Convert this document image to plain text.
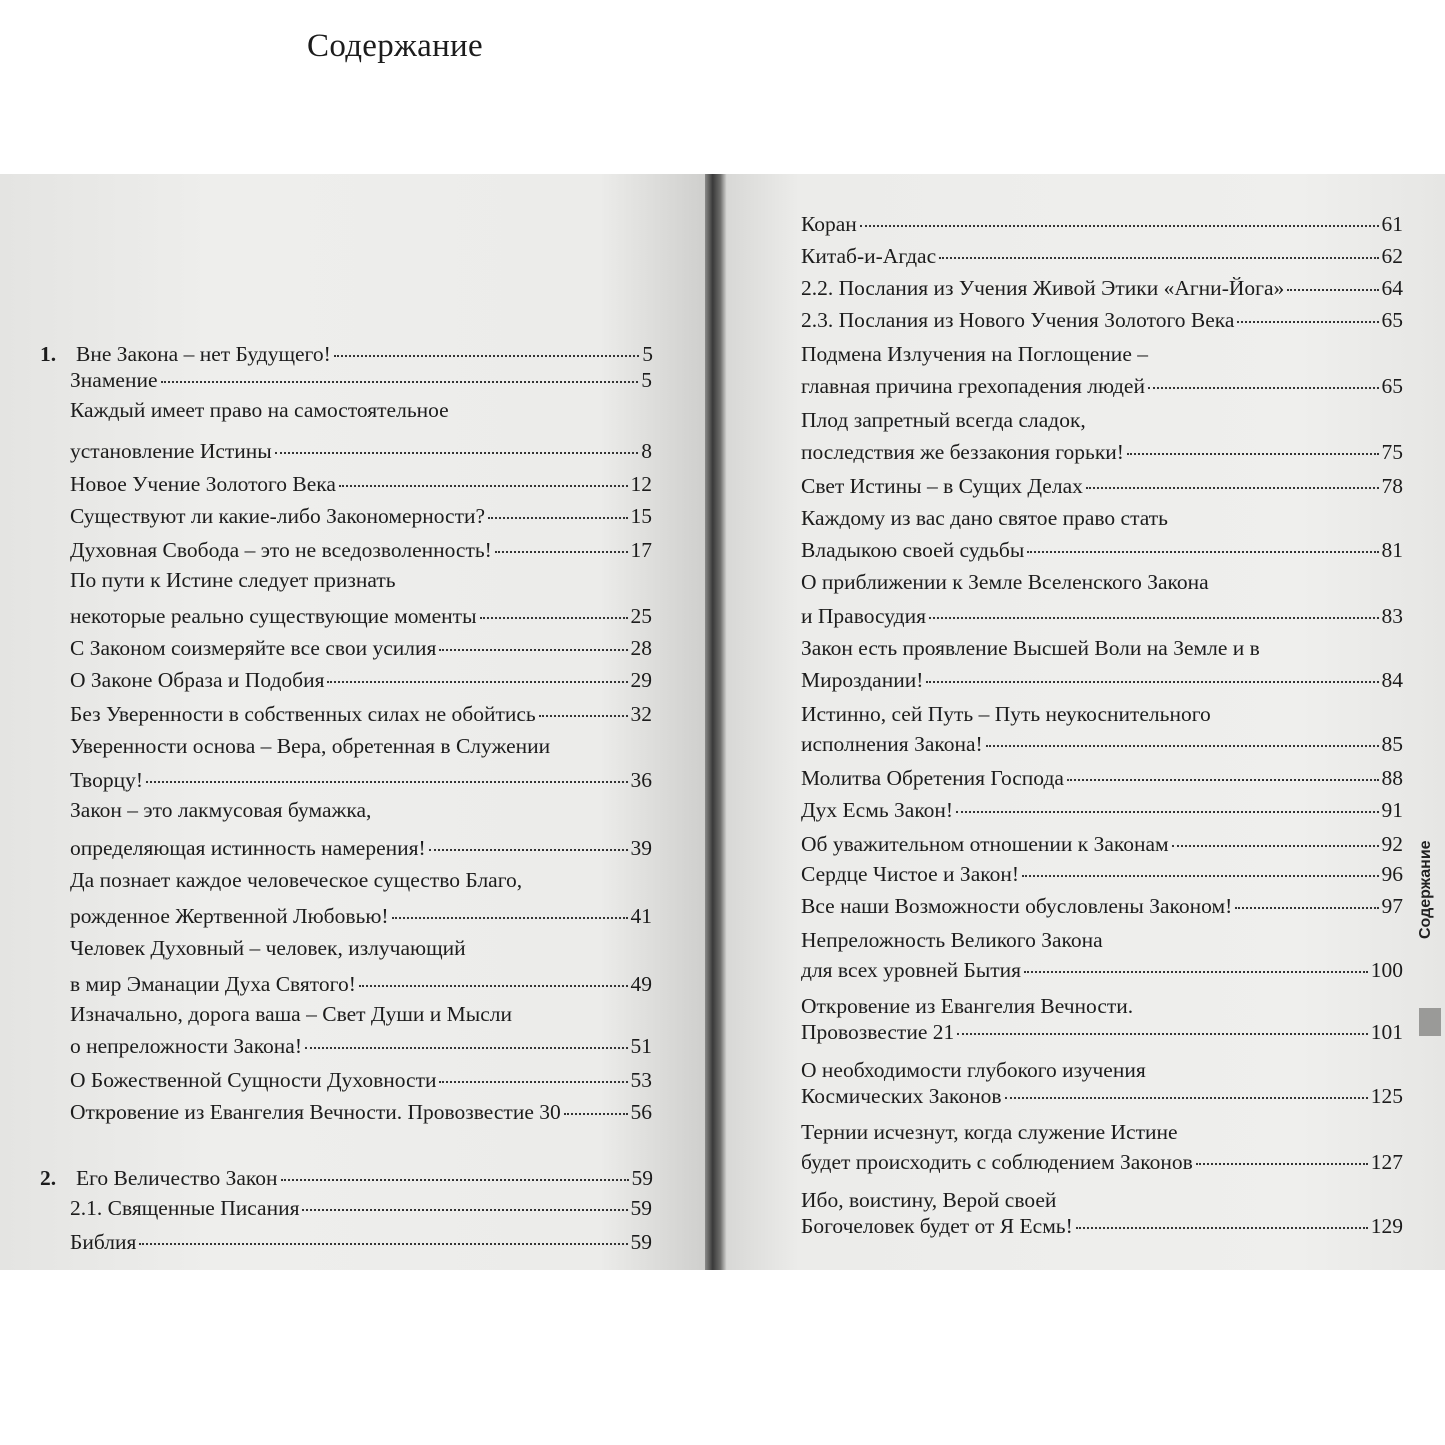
Содержание
1. Вне Закона – нет Будущего!	5
Знамение	5
Каждый имеет право на самостоятельное
установление Истины	8
Новое Учение Золотого Века	12
Существуют ли какие-либо Закономерности?	15
Духовная Свобода – это не вседозволенность!	17
По пути к Истине следует признать
некоторые реально существующие моменты	25
С Законом соизмеряйте все свои усилия	28
О Законе Образа и Подобия	29
Без Уверенности в собственных силах не обойтись	32
Уверенности основа – Вера, обретенная в Служении
Творцу!	36
Закон – это лакмусовая бумажка,
определяющая истинность намерения!	39
Да познает каждое человеческое существо Благо,
рожденное Жертвенной Любовью!	41
Человек Духовный – человек, излучающий
в мир Эманации Духа Святого!	49
Изначально, дорога ваша – Свет Души и Мысли
о непреложности Закона!	51
О Божественной Сущности Духовности	53
Откровение из Евангелия Вечности. Провозвестие 30	56
2. Его Величество Закон	59
2.1. Священные Писания	59
Библия	59
Коран	61
Китаб-и-Агдас	62
2.2. Послания из Учения Живой Этики «Агни-Йога»	64
2.3. Послания из Нового Учения Золотого Века	65
Подмена Излучения на Поглощение –
главная причина грехопадения людей	65
Плод запретный всегда сладок,
последствия же беззакония горьки!	75
Свет Истины – в Сущих Делах	78
Каждому из вас дано святое право стать
Владыкою своей судьбы	81
О приближении к Земле Вселенского Закона
и Правосудия	83
Закон есть проявление Высшей Воли на Земле и в
Мироздании!	84
Истинно, сей Путь – Путь неукоснительного
исполнения Закона!	85
Молитва Обретения Господа	88
Дух Есмь Закон!	91
Об уважительном отношении к Законам	92
Сердце Чистое и Закон!	96
Все наши Возможности обусловлены Законом!	97
Непреложность Великого Закона
для всех уровней Бытия	100
Откровение из Евангелия Вечности.
Провозвестие 21	101
О необходимости глубокого изучения
Космических Законов	125
Тернии исчезнут, когда служение Истине
будет происходить с соблюдением Законов	127
Ибо, воистину, Верой своей
Богочеловек будет от Я Есмь!	129
Содержание
